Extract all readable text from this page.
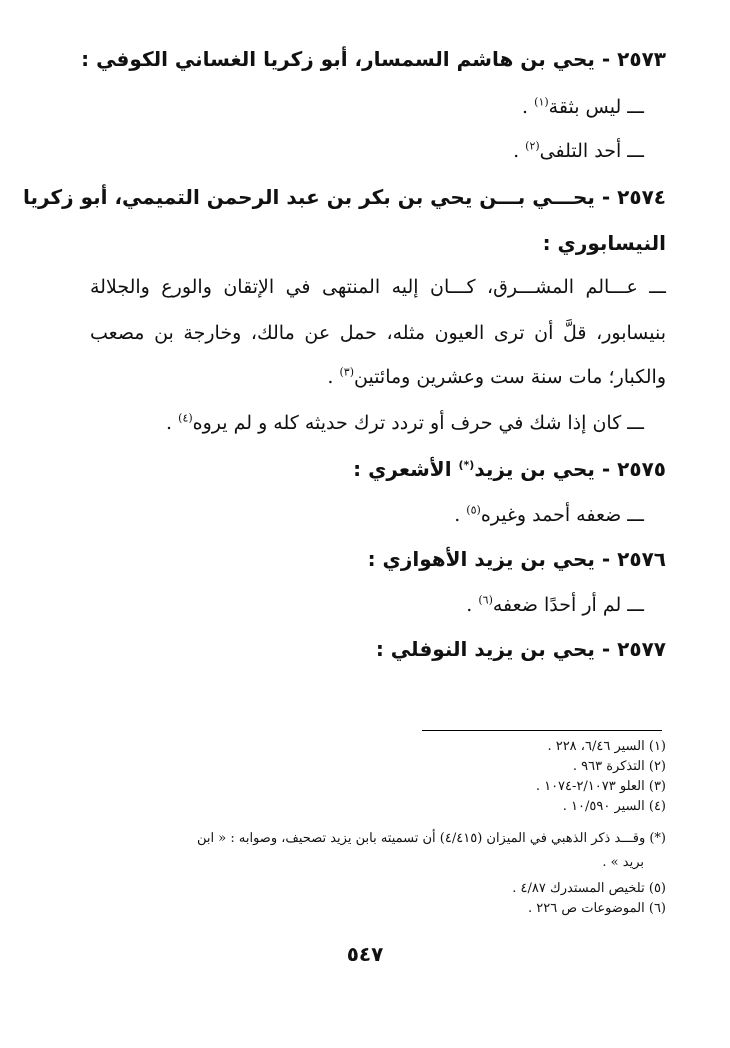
٢٥٧٣ - يحي بن هاشم السمسار، أبو زكريا الغساني الكوفي :
ـــ ليس بثقة$^{(١)}$ .
ـــ أحد التلفى$^{(٢)}$ .
٢٥٧٤ - يحـــي بـــن يحي بن بكر بن عبد الرحمن التميمي، أبو زكريا
النيسابوري :
ـــ عـــالم المشـــرق، كـــان إليه المنتهى في الإتقان والورع والجلالة
بنيسابور، قلَّ أن ترى العيون مثله، حمل عن مالك، وخارجة بن مصعب
والكبار؛ مات سنة ست وعشرين ومائتين$^{(٣)}$ .
ـــ كان إذا شك في حرف أو تردد ترك حديثه كله و لم يروه$^{(٤)}$ .
٢٥٧٥ - يحي بن يزيد(*) الأشعري :
ـــ ضعفه أحمد وغيره$^{(٥)}$ .
٢٥٧٦ - يحي بن يزيد الأهوازي :
ـــ لم أر أحدًا ضعفه$^{(٦)}$ .
٢٥٧٧ - يحي بن يزيد النوفلي :
(١) السير ٦/٤٦، ٢٢٨ .
(٢) التذكرة ٩٦٣ .
(٣) العلو ٢/١٠٧٣-١٠٧٤ .
(٤) السير ١٠/٥٩٠ .
(*) وقـــد ذكر الذهبي في الميزان (٤/٤١٥) أن تسميته بابن يزيد تصحيف، وصوابه : « ابن
بريد » .
(٥) تلخيص المستدرك ٤/٨٧ .
(٦) الموضوعات ص ٢٢٦ .
٥٤٧
